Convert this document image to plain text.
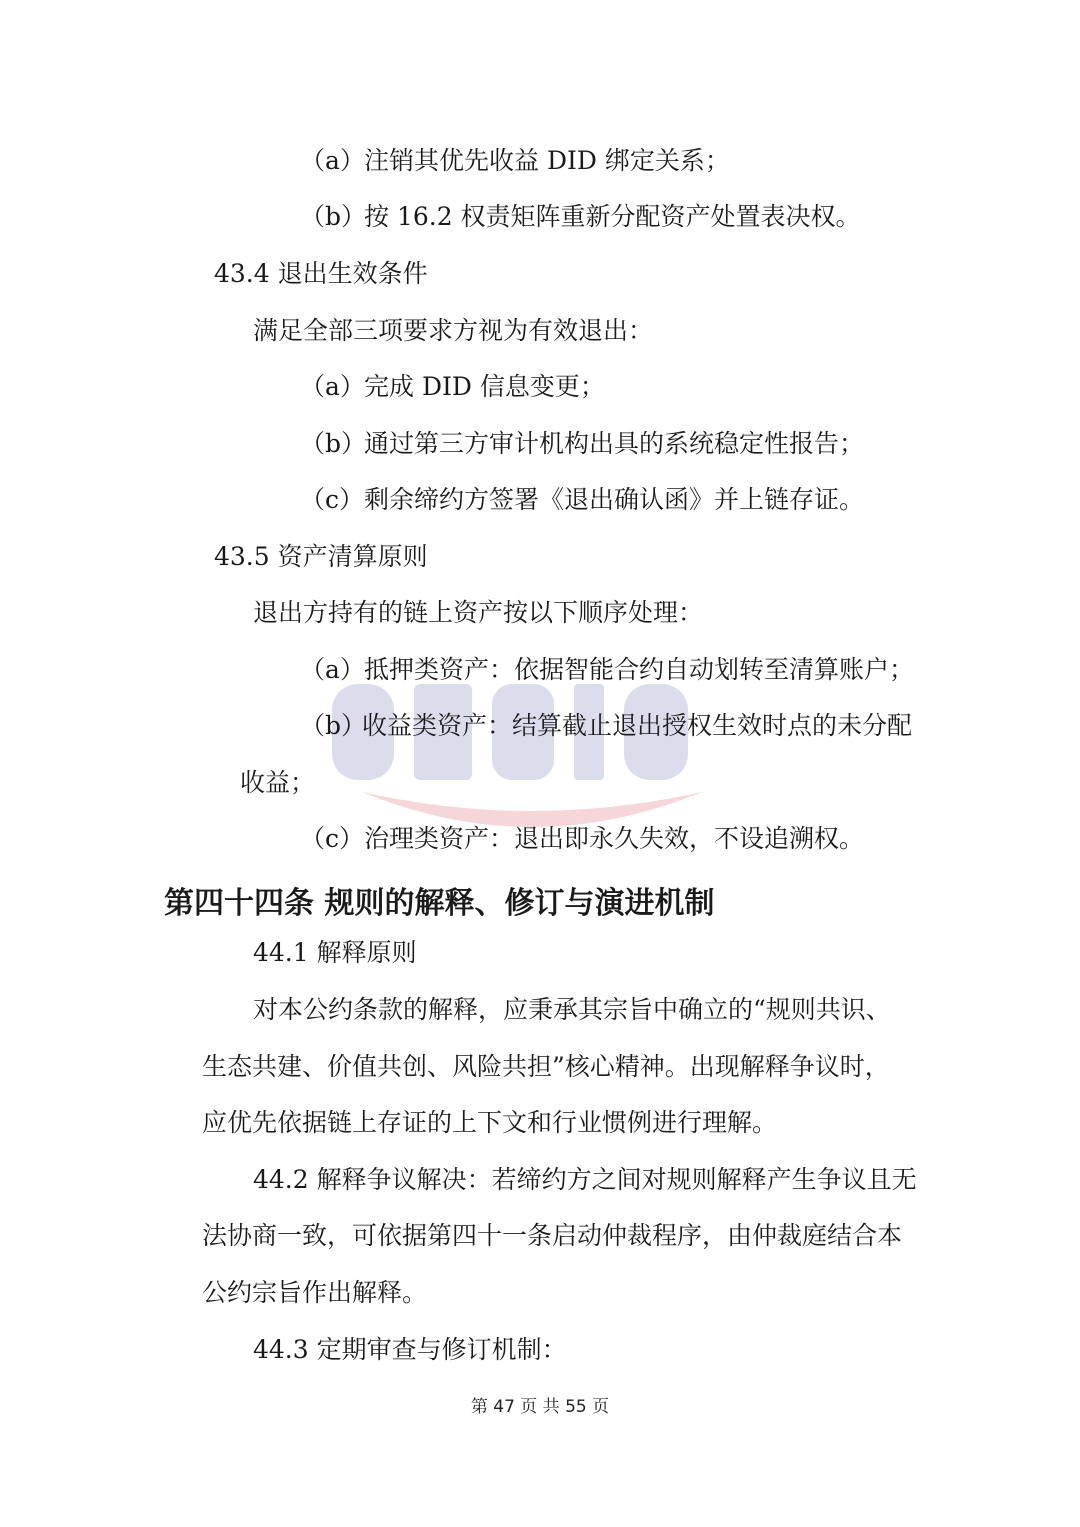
（a）注销其优先收益 DID 绑定关系；
（b）按 16.2 权责矩阵重新分配资产处置表决权。
43.4 退出生效条件
满足全部三项要求方视为有效退出：
（a）完成 DID 信息变更；
（b）通过第三方审计机构出具的系统稳定性报告；
（c）剩余缔约方签署《退出确认函》并上链存证。
43.5 资产清算原则
退出方持有的链上资产按以下顺序处理：
（a）抵押类资产：依据智能合约自动划转至清算账户；
（b）收益类资产：结算截止退出授权生效时点的未分配
收益；
（c）治理类资产：退出即永久失效，不设追溯权。
第四十四条 规则的解释、修订与演进机制
44.1 解释原则
对本公约条款的解释，应秉承其宗旨中确立的“规则共识、
生态共建、价值共创、风险共担”核心精神。出现解释争议时，
应优先依据链上存证的上下文和行业惯例进行理解。
44.2 解释争议解决：若缔约方之间对规则解释产生争议且无
法协商一致，可依据第四十一条启动仲裁程序，由仲裁庭结合本
公约宗旨作出解释。
44.3 定期审查与修订机制：
第 47 页 共 55 页
